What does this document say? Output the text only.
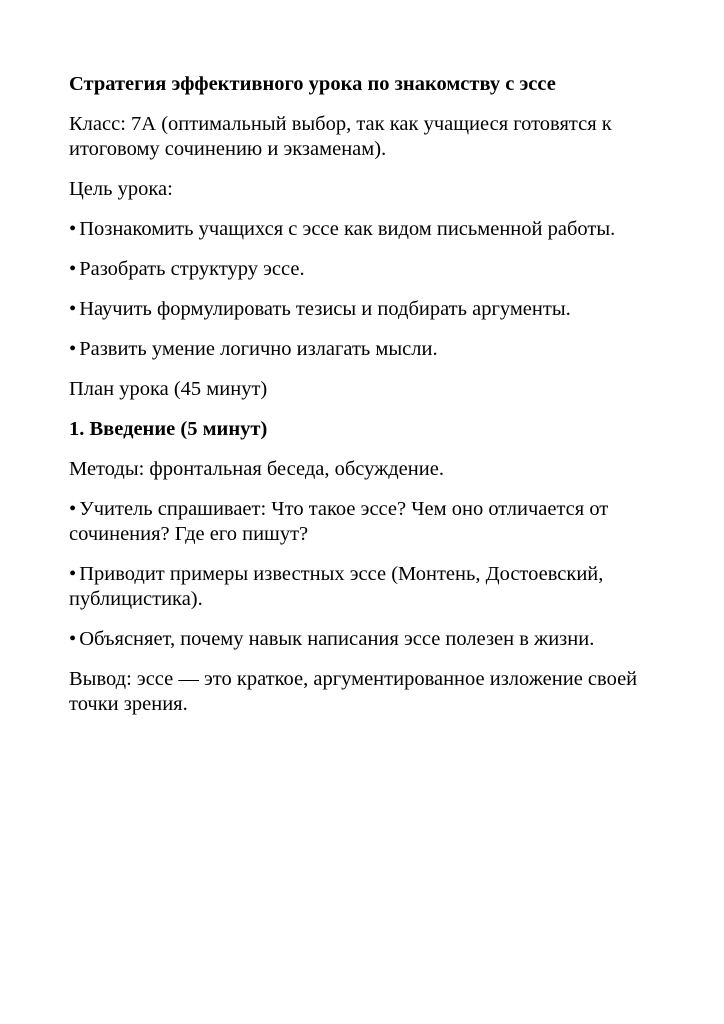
Стратегия эффективного урока по знакомству с эссе

Класс: 7А (оптимальный выбор, так как учащиеся готовятся к итоговому сочинению и экзаменам).

Цель урока:

• Познакомить учащихся с эссе как видом письменной работы.

• Разобрать структуру эссе.

• Научить формулировать тезисы и подбирать аргументы.

• Развить умение логично излагать мысли.

План урока (45 минут)

1. Введение (5 минут)

Методы: фронтальная беседа, обсуждение.

• Учитель спрашивает: Что такое эссе? Чем оно отличается от сочинения? Где его пишут?

• Приводит примеры известных эссе (Монтень, Достоевский, публицистика).

• Объясняет, почему навык написания эссе полезен в жизни.

Вывод: эссе — это краткое, аргументированное изложение своей точки зрения.
